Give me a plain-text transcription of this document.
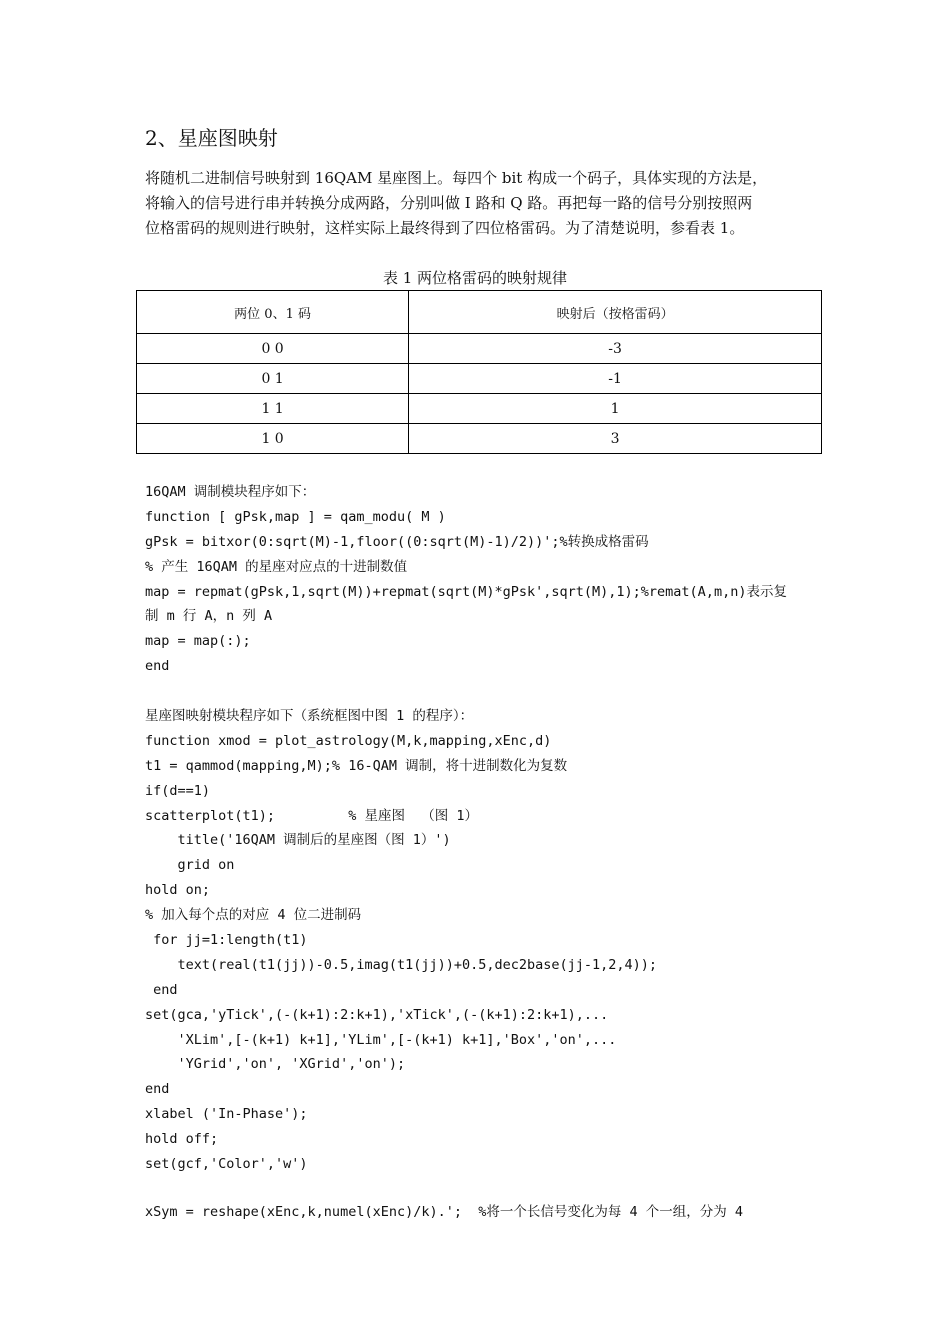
2、星座图映射
将随机二进制信号映射到 16QAM 星座图上。每四个 bit 构成一个码子，具体实现的方法是，
将输入的信号进行串并转换分成两路，分别叫做 I 路和 Q 路。再把每一路的信号分别按照两
位格雷码的规则进行映射，这样实际上最终得到了四位格雷码。为了清楚说明，参看表 1。
表 1 两位格雷码的映射规律
两位 0、1 码	映射后（按格雷码）
0 0	-3
0 1	-1
1 1	1
1 0	3
16QAM 调制模块程序如下：
function [ gPsk,map ] = qam_modu( M )
gPsk = bitxor(0:sqrt(M)-1,floor((0:sqrt(M)-1)/2))';%转换成格雷码
% 产生 16QAM 的星座对应点的十进制数值
map = repmat(gPsk,1,sqrt(M))+repmat(sqrt(M)*gPsk',sqrt(M),1);%remat(A,m,n)表示复
制 m 行 A，n 列 A
map = map(:);
end
星座图映射模块程序如下（系统框图中图 1 的程序）：
function xmod = plot_astrology(M,k,mapping,xEnc,d)
t1 = qammod(mapping,M);% 16-QAM 调制，将十进制数化为复数
if(d==1)
scatterplot(t1);         % 星座图  （图 1）
title('16QAM 调制后的星座图（图 1）')
grid on
hold on;
% 加入每个点的对应 4 位二进制码
for jj=1:length(t1)
text(real(t1(jj))-0.5,imag(t1(jj))+0.5,dec2base(jj-1,2,4));
end
set(gca,'yTick',(-(k+1):2:k+1),'xTick',(-(k+1):2:k+1),...
'XLim',[-(k+1) k+1],'YLim',[-(k+1) k+1],'Box','on',...
'YGrid','on', 'XGrid','on');
end
xlabel ('In-Phase');
hold off;
set(gcf,'Color','w')
xSym = reshape(xEnc,k,numel(xEnc)/k).';  %将一个长信号变化为每 4 个一组，分为 4
